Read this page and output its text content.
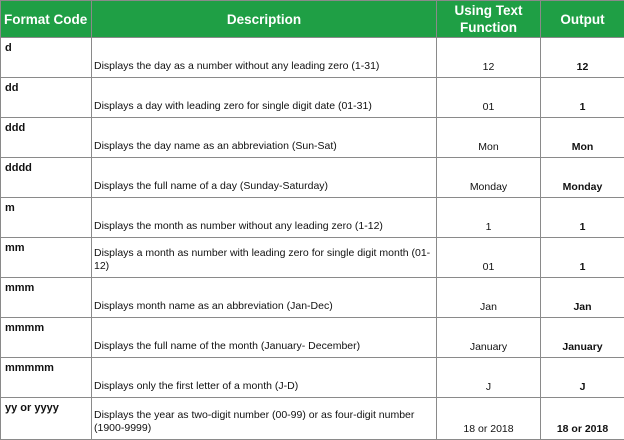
Format Code	Description	Using Text Function	Output
d	Displays the day as a number without any leading zero (1-31)	12	12
dd	Displays a day with leading zero for single digit date (01-31)	01	1
ddd	Displays the day name as an abbreviation (Sun-Sat)	Mon	Mon
dddd	Displays the full name of a day (Sunday-Saturday)	Monday	Monday
m	Displays the month as number without any leading zero (1-12)	1	1
mm	Displays a month as number with leading zero for single digit month (01-12)	01	1
mmm	Displays month name as an abbreviation (Jan-Dec)	Jan	Jan
mmmm	Displays the full name of the month (January- December)	January	January
mmmmm	Displays only the first letter of a month (J-D)	J	J
yy or yyyy	Displays the year as two-digit number (00-99) or as four-digit number (1900-9999)	18 or 2018	18 or 2018
